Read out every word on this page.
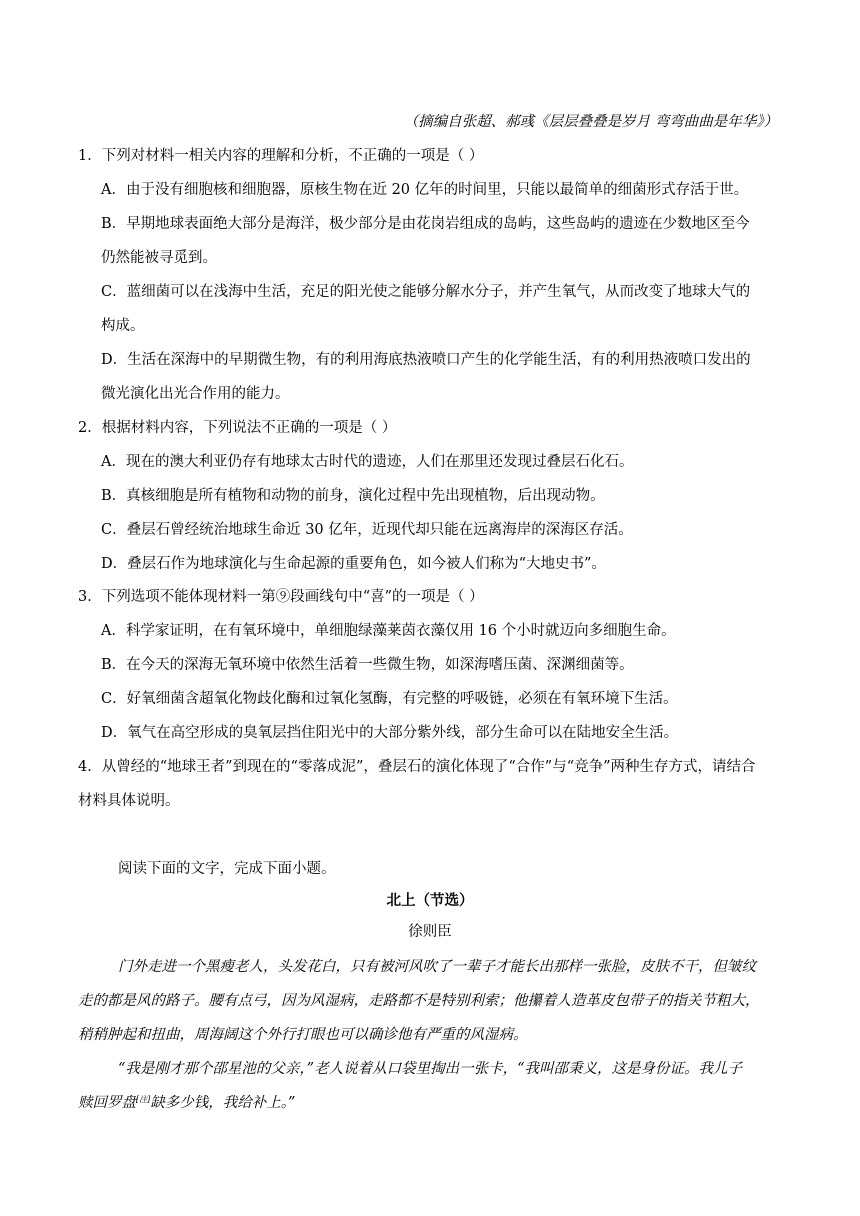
（摘编自张超、郝彧《层层叠叠是岁月 弯弯曲曲是年华》）
1．下列对材料一相关内容的理解和分析，不正确的一项是（ ）
A．由于没有细胞核和细胞器，原核生物在近 20 亿年的时间里，只能以最简单的细菌形式存活于世。
B．早期地球表面绝大部分是海洋，极少部分是由花岗岩组成的岛屿，这些岛屿的遗迹在少数地区至今
仍然能被寻觅到。
C．蓝细菌可以在浅海中生活，充足的阳光使之能够分解水分子，并产生氧气，从而改变了地球大气的
构成。
D．生活在深海中的早期微生物，有的利用海底热液喷口产生的化学能生活，有的利用热液喷口发出的
微光演化出光合作用的能力。
2．根据材料内容，下列说法不正确的一项是（ ）
A．现在的澳大利亚仍存有地球太古时代的遗迹，人们在那里还发现过叠层石化石。
B．真核细胞是所有植物和动物的前身，演化过程中先出现植物，后出现动物。
C．叠层石曾经统治地球生命近 30 亿年，近现代却只能在远离海岸的深海区存活。
D．叠层石作为地球演化与生命起源的重要角色，如今被人们称为“大地史书”。
3．下列选项不能体现材料一第⑨段画线句中“喜”的一项是（ ）
A．科学家证明，在有氧环境中，单细胞绿藻莱茵衣藻仅用 16 个小时就迈向多细胞生命。
B．在今天的深海无氧环境中依然生活着一些微生物，如深海嗜压菌、深渊细菌等。
C．好氧细菌含超氧化物歧化酶和过氧化氢酶，有完整的呼吸链，必须在有氧环境下生活。
D．氧气在高空形成的臭氧层挡住阳光中的大部分紫外线，部分生命可以在陆地安全生活。
4．从曾经的“地球王者”到现在的“零落成泥”，叠层石的演化体现了“合作”与“竞争”两种生存方式，请结合
材料具体说明。
阅读下面的文字，完成下面小题。
北上（节选）
徐则臣
门外走进一个黑瘦老人，头发花白，只有被河风吹了一辈子才能长出那样一张脸，皮肤不干，但皱纹
走的都是风的路子。腰有点弓，因为风湿病，走路都不是特别利索；他攥着人造革皮包带子的指关节粗大，
稍稍肿起和扭曲，周海阔这个外行打眼也可以确诊他有严重的风湿病。
“我是刚才那个邵星池的父亲，”老人说着从口袋里掏出一张卡，“我叫邵秉义，这是身份证。我儿子
赎回罗盘[注]缺多少钱，我给补上。”
